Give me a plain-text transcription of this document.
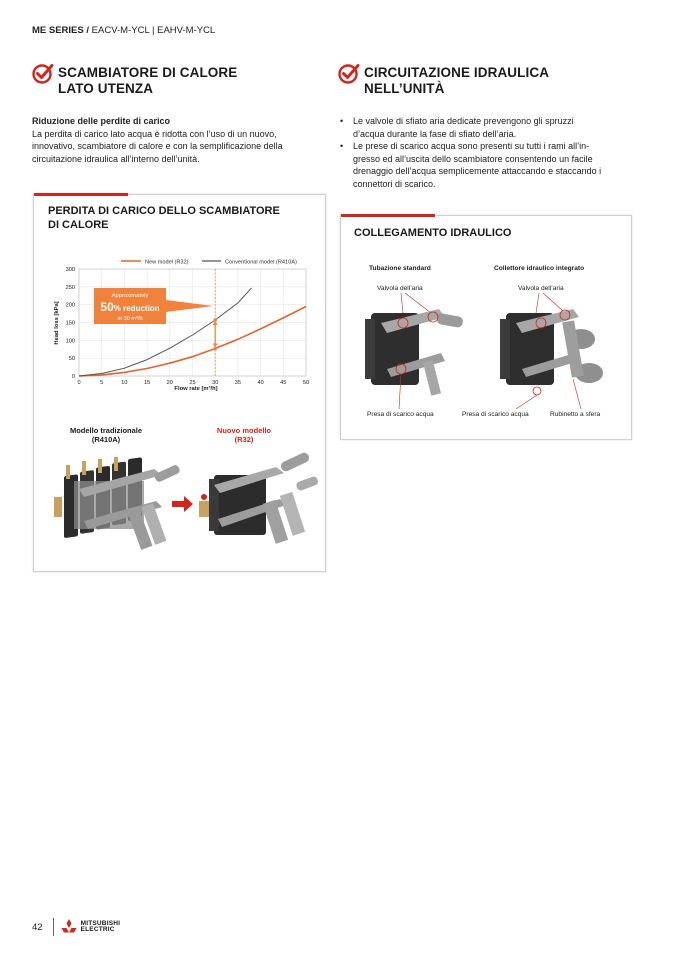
ME SERIES / EACV-M-YCL | EAHV-M-YCL
SCAMBIATORE DI CALORE
LATO UTENZA
CIRCUITAZIONE IDRAULICA
NELL’UNITÀ
Riduzione delle perdite di carico
La perdita di carico lato acqua è ridotta con l’uso di un nuovo,
innovativo, scambiatore di calore e con la semplificazione della
circuitazione idraulica all’interno dell’unità.
• Le valvole di sfiato aria dedicate prevengono gli spruzzi
d’acqua durante la fase di sfiato dell’aria.
• Le prese di scarico acqua sono presenti su tutti i rami all’in-
gresso ed all’uscita dello scambiatore consentendo un facile
drenaggio dell’acqua semplicemente attaccando e staccando i
connettori di scarico.
PERDITA DI CARICO DELLO SCAMBIATORE
DI CALORE
New model (R32)	Conventional model (R410A)
0	5	10	15	20	25	30	35	40	45	50
0
50
100
150
200
250
300
Approximately
50% reduction
at 30 m³/h
Flow rate [m³/h]
Head loss [kPa]
Modello tradizionale
(R410A)
Nuovo modello
(R32)
COLLEGAMENTO IDRAULICO
Tubazione standard	Collettore idraulico integrato
Valvola dell’aria	Valvola dell’aria
Presa di scarico acqua	Presa di scarico acqua	Rubinetto a sfera
42	MITSUBISHI
ELECTRIC
